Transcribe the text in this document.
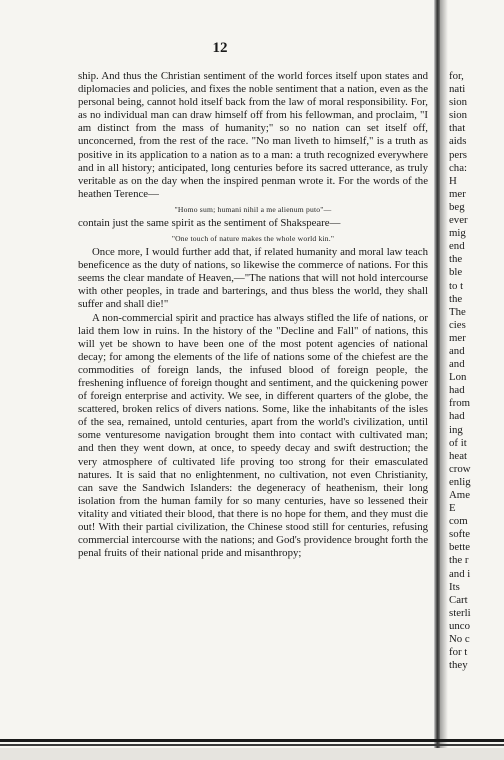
12

ship. And thus the Christian sentiment of the world forces itself upon states and diplomacies and policies, and fixes the noble sentiment that a nation, even as the personal being, cannot hold itself back from the law of moral responsibility. For, as no individual man can draw himself off from his fellowman, and proclaim, "I am distinct from the mass of humanity;" so no nation can set itself off, unconcerned, from the rest of the race. "No man liveth to himself," is a truth as positive in its application to a nation as to a man: a truth recognized everywhere and in all history; anticipated, long centuries before its sacred utterance, as truly veritable as on the day when the inspired penman wrote it. For the words of the heathen Terence—

"Homo sum; humani nihil a me alienum puto"—

contain just the same spirit as the sentiment of Shakspeare—

"One touch of nature makes the whole world kin."

Once more, I would further add that, if related humanity and moral law teach beneficence as the duty of nations, so likewise the commerce of nations. For this seems the clear mandate of Heaven,—"The nations that will not hold intercourse with other peoples, in trade and barterings, and thus bless the world, they shall suffer and shall die!"

A non-commercial spirit and practice has always stifled the life of nations, or laid them low in ruins. In the history of the "Decline and Fall" of nations, this will yet be shown to have been one of the most potent agencies of national decay; for among the elements of the life of nations some of the chiefest are the commodities of foreign lands, the infused blood of foreign people, the freshening influence of foreign thought and sentiment, and the quickening power of foreign enterprise and activity. We see, in different quarters of the globe, the scattered, broken relics of divers nations. Some, like the inhabitants of the isles of the sea, remained, untold centuries, apart from the world's civilization, until some venturesome navigation brought them into contact with cultivated man; and then they went down, at once, to speedy decay and swift destruction; the very atmosphere of cultivated life proving too strong for their emasculated natures. It is said that no enlightenment, no cultivation, not even Christianity, can save the Sandwich Islanders: the degeneracy of heathenism, their long isolation from the human family for so many centuries, have so lessened their vitality and vitiated their blood, that there is no hope for them, and they must die out! With their partial civilization, the Chinese stood still for centuries, refusing commercial intercourse with the nations; and God's providence brought forth the penal fruits of their national pride and misanthropy;

for,
nati
sion
sion
that
aids
pers
cha:
H
mer
beg
ever
mig
end
the
ble
to t
the
The
cies
mer
and
and
Lon
had
from
had
ing
of it
heat
crow
enlig
Ame
E
com
softe
bette
the r
and i
Its
Cart
sterli
unco
No c
for t
they
